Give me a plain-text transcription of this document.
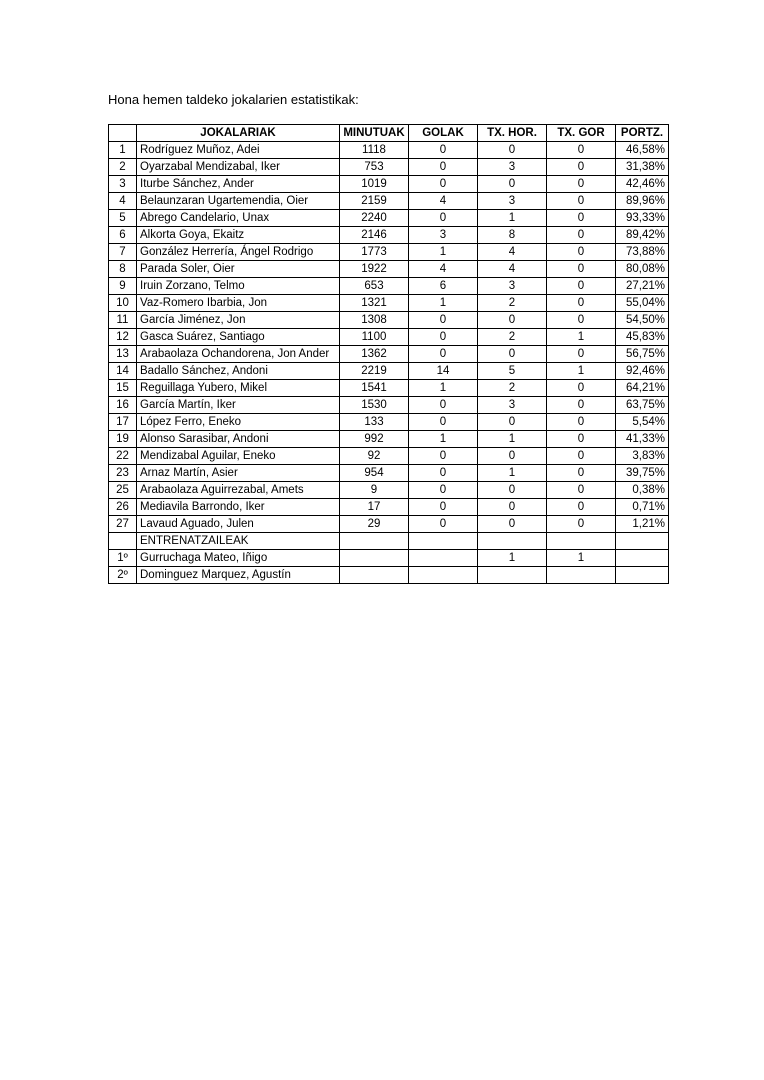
Hona hemen taldeko jokalarien estatistikak:
	JOKALARIAK	MINUTUAK	GOLAK	TX. HOR.	TX. GOR	PORTZ.
1	Rodríguez Muñoz, Adei	1118	0	0	0	46,58%
2	Oyarzabal Mendizabal, Iker	753	0	3	0	31,38%
3	Iturbe Sánchez, Ander	1019	0	0	0	42,46%
4	Belaunzaran Ugartemendia, Oier	2159	4	3	0	89,96%
5	Abrego Candelario, Unax	2240	0	1	0	93,33%
6	Alkorta Goya, Ekaitz	2146	3	8	0	89,42%
7	González Herrería, Ángel Rodrigo	1773	1	4	0	73,88%
8	Parada Soler, Oier	1922	4	4	0	80,08%
9	Iruin Zorzano, Telmo	653	6	3	0	27,21%
10	Vaz-Romero Ibarbia, Jon	1321	1	2	0	55,04%
11	García Jiménez, Jon	1308	0	0	0	54,50%
12	Gasca Suárez, Santiago	1100	0	2	1	45,83%
13	Arabaolaza Ochandorena, Jon Ander	1362	0	0	0	56,75%
14	Badallo Sánchez, Andoni	2219	14	5	1	92,46%
15	Reguillaga Yubero, Mikel	1541	1	2	0	64,21%
16	García Martín, Iker	1530	0	3	0	63,75%
17	López Ferro, Eneko	133	0	0	0	5,54%
19	Alonso Sarasibar, Andoni	992	1	1	0	41,33%
22	Mendizabal Aguilar, Eneko	92	0	0	0	3,83%
23	Arnaz Martín, Asier	954	0	1	0	39,75%
25	Arabaolaza Aguirrezabal, Amets	9	0	0	0	0,38%
26	Mediavila Barrondo, Iker	17	0	0	0	0,71%
27	Lavaud Aguado, Julen	29	0	0	0	1,21%
	ENTRENATZAILEAK					
1º	Gurruchaga Mateo, Iñigo			1	1	
2º	Dominguez Marquez, Agustín					
